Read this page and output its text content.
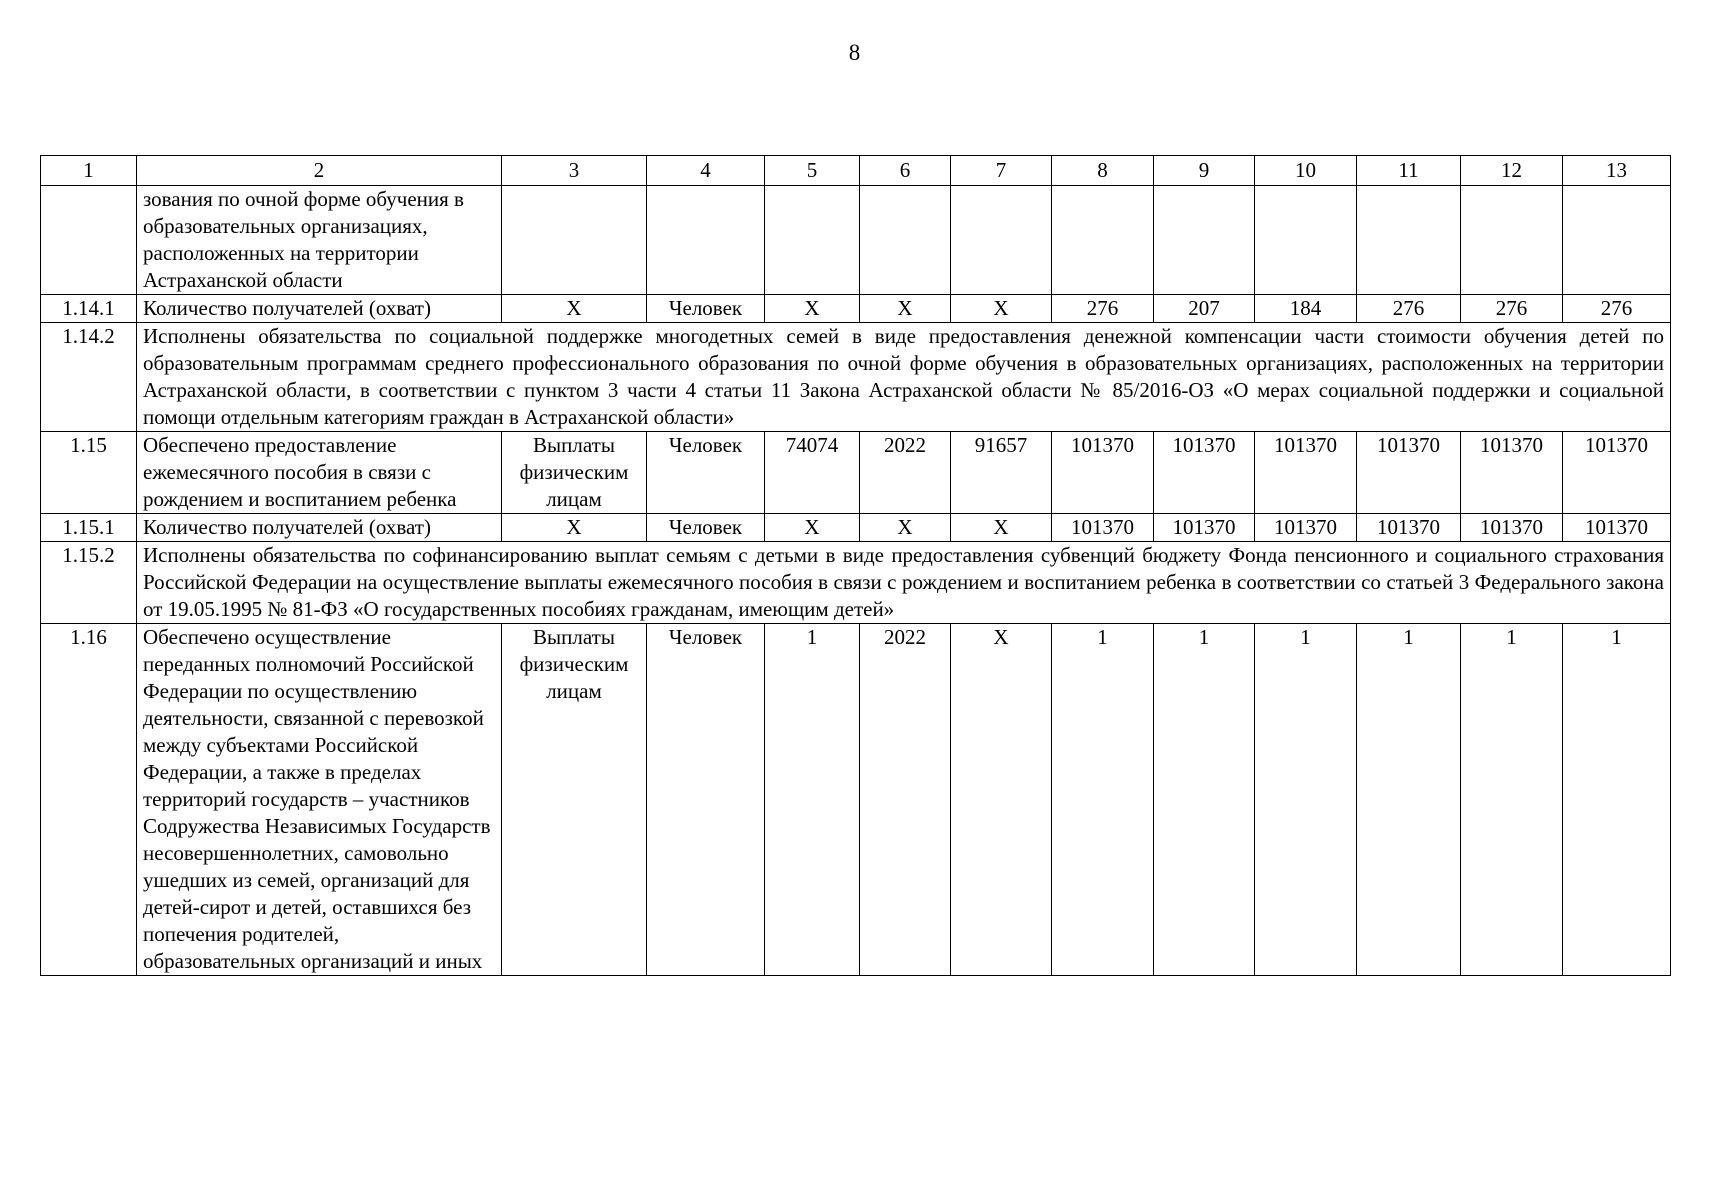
8
1	2	3	4	5	6	7	8	9	10	11	12	13
	зования по очной форме обучения в образовательных организациях, расположенных на территории Астраханской области											
1.14.1	Количество получателей (охват)	Х	Человек	Х	Х	Х	276	207	184	276	276	276
1.14.2	Исполнены обязательства по социальной поддержке многодетных семей в виде предоставления денежной компенсации части стоимости обучения детей по образовательным программам среднего профессионального образования по очной форме обучения в образовательных организациях, расположенных на территории Астраханской области, в соответствии с пунктом 3 части 4 статьи 11 Закона Астраханской области № 85/2016-ОЗ «О мерах социальной поддержки и социальной помощи отдельным категориям граждан в Астраханской области»											
1.15	Обеспечено предоставление ежемесячного пособия в связи с рождением и воспитанием ребенка	Выплаты физическим лицам	Человек	74074	2022	91657	101370	101370	101370	101370	101370	101370
1.15.1	Количество получателей (охват)	Х	Человек	Х	Х	Х	101370	101370	101370	101370	101370	101370
1.15.2	Исполнены обязательства по софинансированию выплат семьям с детьми в виде предоставления субвенций бюджету Фонда пенсионного и социального страхования Российской Федерации на осуществление выплаты ежемесячного пособия в связи с рождением и воспитанием ребенка в соответствии со статьей 3 Федерального закона от 19.05.1995 № 81-ФЗ «О государственных пособиях гражданам, имеющим детей»											
1.16	Обеспечено осуществление переданных полномочий Российской Федерации по осуществлению деятельности, связанной с перевозкой между субъектами Российской Федерации, а также в пределах территорий государств – участников Содружества Независимых Государств несовершеннолетних, самовольно ушедших из семей, организаций для детей-сирот и детей, оставшихся без попечения родителей, образовательных организаций и иных	Выплаты физическим лицам	Человек	1	2022	Х	1	1	1	1	1	1
